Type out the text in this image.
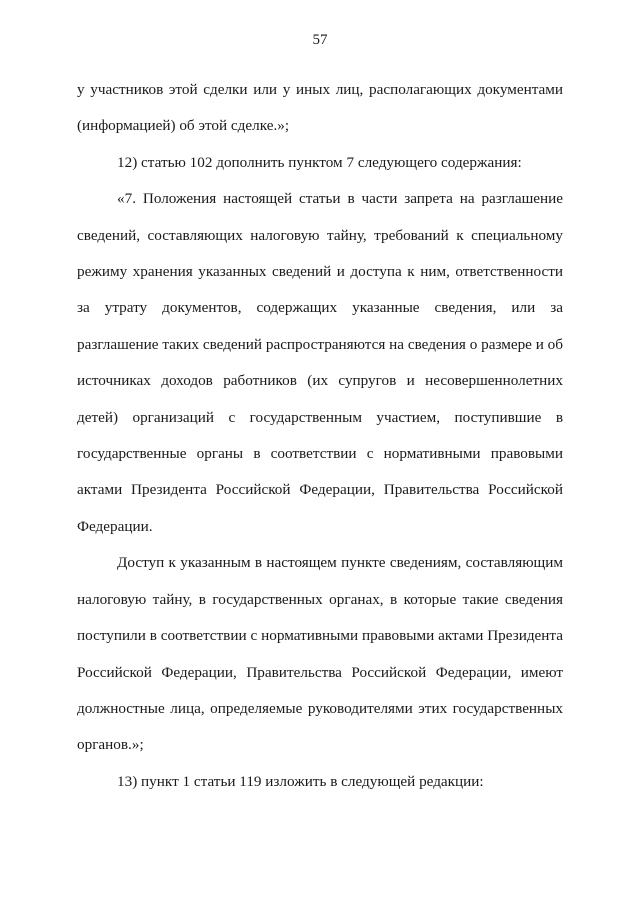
57

у участников этой сделки или у иных лиц, располагающих документами (информацией) об этой сделке.»;

12) статью 102 дополнить пунктом 7 следующего содержания:

«7. Положения настоящей статьи в части запрета на разглашение сведений, составляющих налоговую тайну, требований к специальному режиму хранения указанных сведений и доступа к ним, ответственности за утрату документов, содержащих указанные сведения, или за разглашение таких сведений распространяются на сведения о размере и об источниках доходов работников (их супругов и несовершеннолетних детей) организаций с государственным участием, поступившие в государственные органы в соответствии с нормативными правовыми актами Президента Российской Федерации, Правительства Российской Федерации.

Доступ к указанным в настоящем пункте сведениям, составляющим налоговую тайну, в государственных органах, в которые такие сведения поступили в соответствии с нормативными правовыми актами Президента Российской Федерации, Правительства Российской Федерации, имеют должностные лица, определяемые руководителями этих государственных органов.»;

13) пункт 1 статьи 119 изложить в следующей редакции:
